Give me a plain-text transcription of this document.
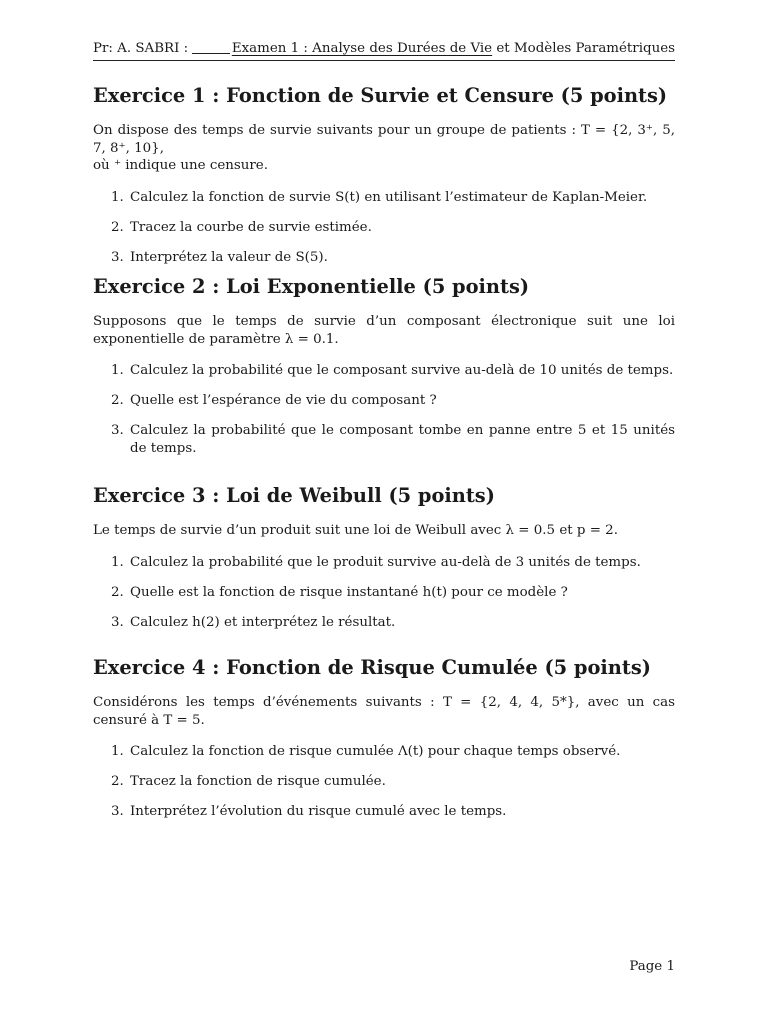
Pr: A. SABRI :	Examen 1 : Analyse des Durées de Vie et Modèles Paramétriques
Exercice 1 : Fonction de Survie et Censure (5 points)

On dispose des temps de survie suivants pour un groupe de patients : T = {2, 3⁺, 5, 7, 8⁺, 10},
où ⁺ indique une censure.

1. Calculez la fonction de survie S(t) en utilisant l’estimateur de Kaplan-Meier.
2. Tracez la courbe de survie estimée.
3. Interprétez la valeur de S(5).
Exercice 2 : Loi Exponentielle (5 points)

Supposons que le temps de survie d’un composant électronique suit une loi exponentielle de paramètre λ = 0.1.

1. Calculez la probabilité que le composant survive au-delà de 10 unités de temps.
2. Quelle est l’espérance de vie du composant ?
3. Calculez la probabilité que le composant tombe en panne entre 5 et 15 unités de temps.
Exercice 3 : Loi de Weibull (5 points)

Le temps de survie d’un produit suit une loi de Weibull avec λ = 0.5 et p = 2.

1. Calculez la probabilité que le produit survive au-delà de 3 unités de temps.
2. Quelle est la fonction de risque instantané h(t) pour ce modèle ?
3. Calculez h(2) et interprétez le résultat.
Exercice 4 : Fonction de Risque Cumulée (5 points)

Considérons les temps d’événements suivants : T = {2, 4, 4, 5*}, avec un cas censuré à T = 5.

1. Calculez la fonction de risque cumulée Λ(t) pour chaque temps observé.
2. Tracez la fonction de risque cumulée.
3. Interprétez l’évolution du risque cumulé avec le temps.
Page 1
